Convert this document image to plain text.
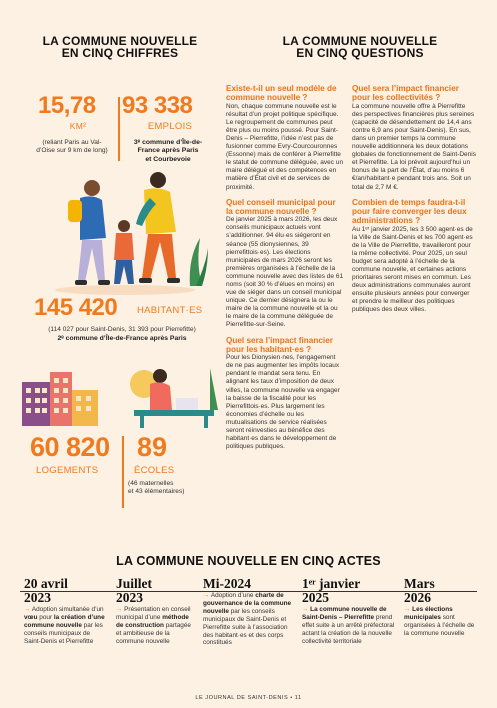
LA COMMUNE NOUVELLE
EN CINQ CHIFFRES
LA COMMUNE NOUVELLE
EN CINQ QUESTIONS
15,78
KM²
(reliant Paris au Val-
d’Oise sur 9 km de long)
93 338
EMPLOIS
3ᵉ commune d’Île-de-
France après Paris
et Courbevoie
145 420 HABITANT·ES
(114 027 pour Saint-Denis, 31 393 pour Pierrefitte)
2ᵉ commune d’Île-de-France après Paris
60 820
LOGEMENTS
89
ÉCOLES
(46 maternelles
et 43 élémentaires)
Existe-t-il un seul modèle de commune nouvelle ?

Non, chaque commune nouvelle est le résultat d’un projet politique spécifique. Le regroupement de communes peut être plus ou moins poussé. Pour Saint-Denis – Pierrefitte, l’idée n’est pas de fusionner comme Evry-Courcouronnes (Essonne) mais de conférer à Pierrefitte le statut de commune déléguée, avec un maire délégué et des compétences en matière d’État civil et de services de proximité.

Quel conseil municipal pour la commune nouvelle ?

De janvier 2025 à mars 2026, les deux conseils municipaux actuels vont s’additionner. 94 élu·es siégeront en séance (55 dionysiennes, 39 pierrefittois·es). Les élections municipales de mars 2026 seront les premières organisées à l’échelle de la commune nouvelle avec des listes de 61 noms (soit 30 % d’élues en moins) en vue de siéger dans un conseil municipal unique. Ce dernier désignera la ou le maire de la commune nouvelle et la ou le maire de la commune déléguée de Pierrefitte-sur-Seine.

Quel sera l’impact financier pour les habitant·es ?

Pour les Dionysien·nes, l’engagement de ne pas augmenter les impôts locaux pendant le mandat sera tenu. En alignant les taux d’imposition de deux villes, la commune nouvelle va engager la baisse de la fiscalité pour les Pierrefittois·es. Plus largement les économies d’échelle ou les mutualisations de service réalisées seront réinvesties au bénéfice des habitant·es dans le développement de politiques publiques.

Quel sera l’impact financier pour les collectivités ?

La commune nouvelle offre à Pierrefitte des perspectives financières plus sereines (capacité de désendettement de 14,4 ans contre 6,9 ans pour Saint-Denis). En sus, dans un premier temps la commune nouvelle additionnera les deux dotations globales de fonctionnement de Saint-Denis et Pierrefitte. La loi prévoit aujourd’hui un bonus de la part de l’État, d’au moins 6 €/an/habitant·e pendant trois ans. Soit un total de 2,7 M €.

Combien de temps faudra-t-il pour faire converger les deux administrations ?

Au 1ᵉʳ janvier 2025, les 3 500 agent·es de la Ville de Saint-Denis et les 700 agent·es de la Ville de Pierrefitte, travailleront pour la même collectivité. Pour 2025, un seul budget sera adopté à l’échelle de la commune nouvelle, et certaines actions prioritaires seront mises en commun. Les deux administrations communales auront ensuite plusieurs années pour converger et prendre le meilleur des politiques publiques des deux villes.

LA COMMUNE NOUVELLE EN CINQ ACTES
20 avril
2023
→ Adoption simultanée d’un vœu pour la création d’une commune nouvelle par les conseils municipaux de Saint-Denis et Pierrefitte
Juillet
2023
→ Présentation en conseil municipal d’une méthode de construction partagée et ambitieuse de la commune nouvelle
Mi-2024
→ Adoption d’une charte de gouvernance de la commune nouvelle par les conseils municipaux de Saint-Denis et Pierrefitte suite à l’association des habitant·es et des corps constitués
1ᵉʳ janvier
2025
→ La commune nouvelle de Saint-Denis – Pierrefitte prend effet suite à un arrêté préfectoral actant la création de la nouvelle collectivité territoriale
Mars
2026
→ Les élections municipales sont organisées à l’échelle de la commune nouvelle
LE JOURNAL DE SAINT-DENIS • 11
